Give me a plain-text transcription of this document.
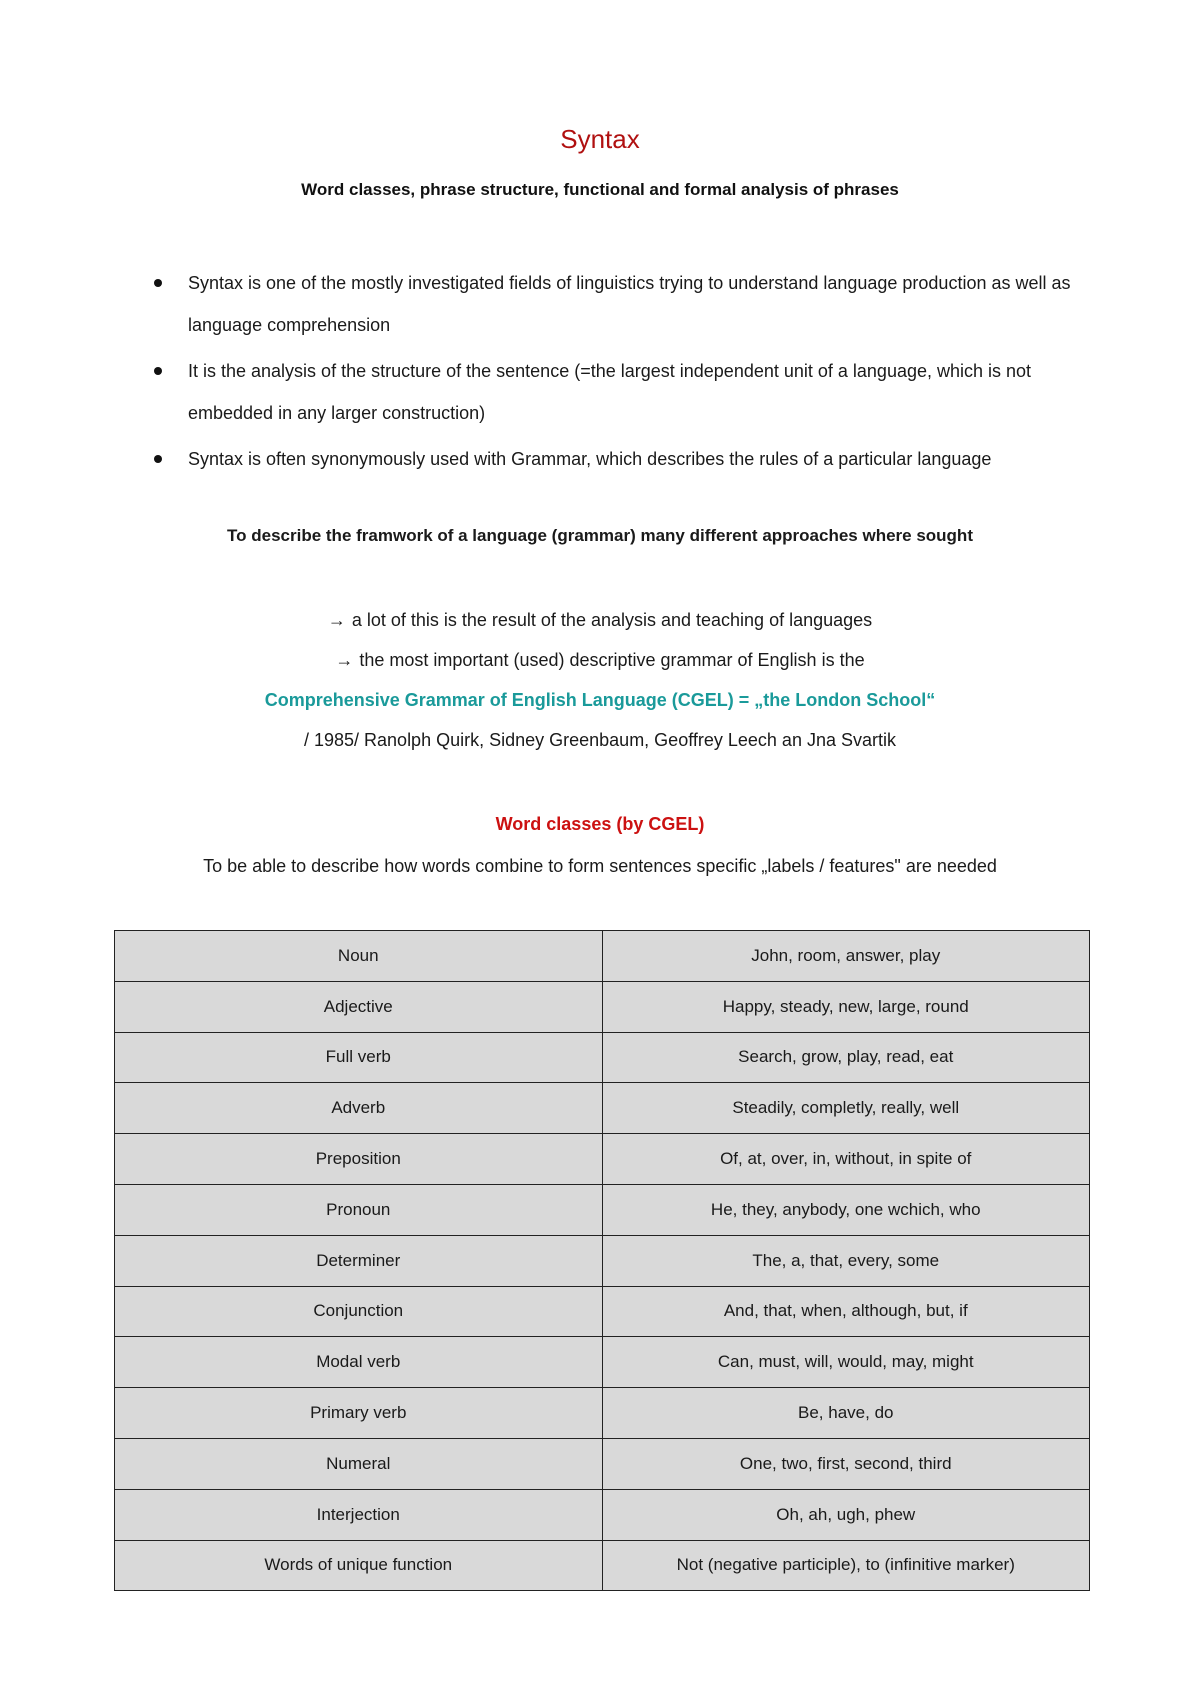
Syntax
Word classes, phrase structure, functional and formal analysis of phrases
Syntax is one of the mostly investigated fields of linguistics trying to understand language production as well as language comprehension
It is the analysis of the structure of the sentence (=the largest independent unit of a language, which is not embedded in any larger construction)
Syntax is often synonymously used with Grammar, which describes the rules of a particular language
To describe the framwork of a language (grammar) many different approaches where sought
→ a lot of this is the result of the analysis and teaching of languages
→ the most important (used) descriptive grammar of English is the
Comprehensive Grammar of English Language (CGEL) = „the London School“
/ 1985/ Ranolph Quirk, Sidney Greenbaum, Geoffrey Leech an Jna Svartik
Word classes (by CGEL)
To be able to describe how words combine to form sentences specific „labels / features" are needed
Noun	John, room, answer, play
Adjective	Happy, steady, new, large, round
Full verb	Search, grow, play, read, eat
Adverb	Steadily, completly, really, well
Preposition	Of, at, over, in, without, in spite of
Pronoun	He, they, anybody, one wchich, who
Determiner	The, a, that, every, some
Conjunction	And, that, when, although, but, if
Modal verb	Can, must, will, would, may, might
Primary verb	Be, have, do
Numeral	One, two, first, second, third
Interjection	Oh, ah, ugh, phew
Words of unique function	Not (negative participle), to (infinitive marker)
